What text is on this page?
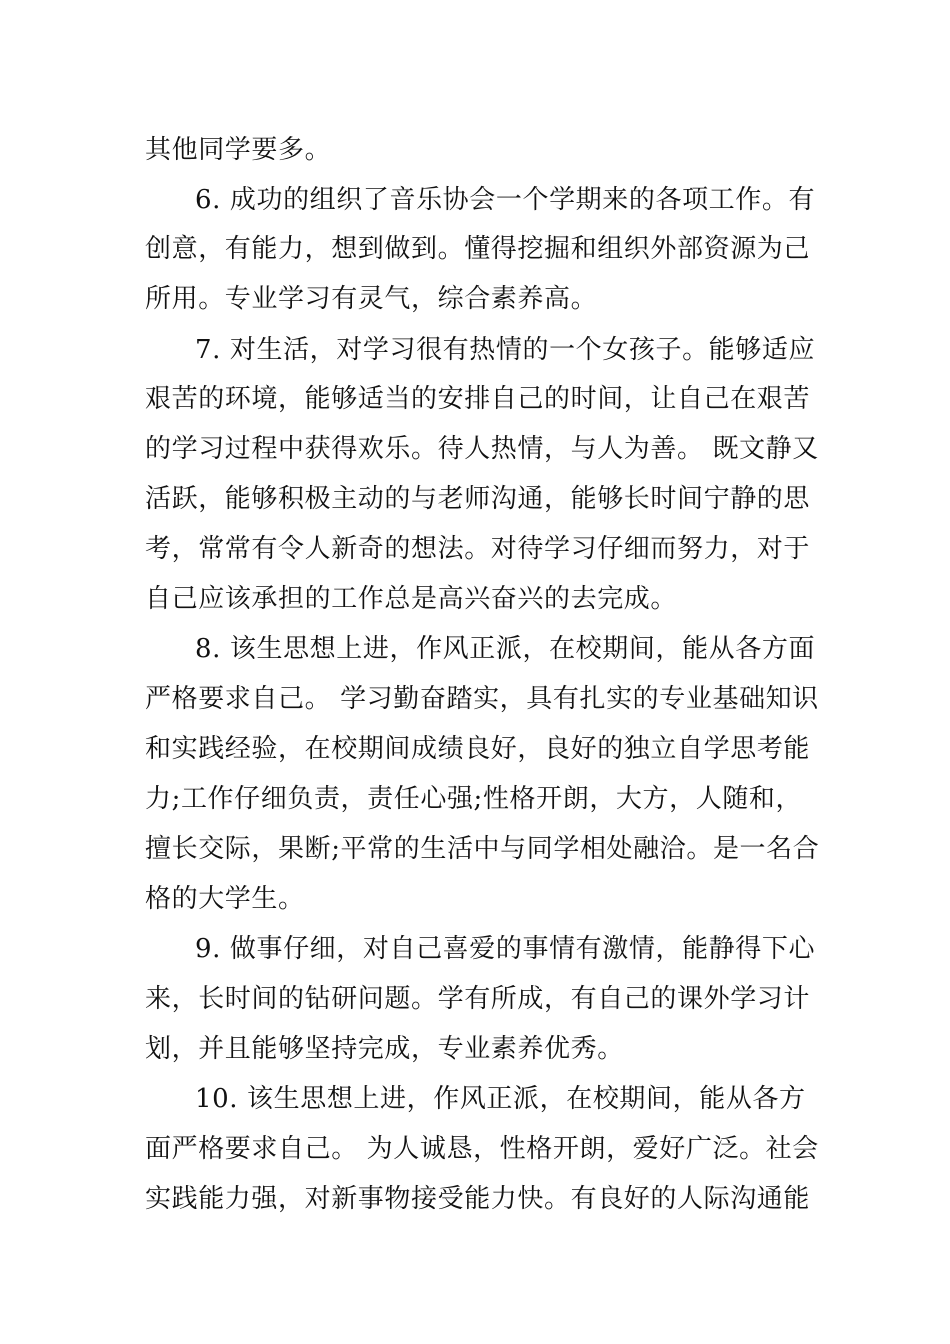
其他同学要多。
6. 成功的组织了音乐协会一个学期来的各项工作。有
创意，有能力，想到做到。懂得挖掘和组织外部资源为己
所用。专业学习有灵气，综合素养高。
7. 对生活，对学习很有热情的一个女孩子。能够适应
艰苦的环境，能够适当的安排自己的时间，让自己在艰苦
的学习过程中获得欢乐。待人热情，与人为善。 既文静又
活跃，能够积极主动的与老师沟通，能够长时间宁静的思
考，常常有令人新奇的想法。对待学习仔细而努力，对于
自己应该承担的工作总是高兴奋兴的去完成。
8. 该生思想上进，作风正派，在校期间，能从各方面
严格要求自己。 学习勤奋踏实，具有扎实的专业基础知识
和实践经验，在校期间成绩良好，良好的独立自学思考能
力;工作仔细负责，责任心强;性格开朗，大方，人随和，
擅长交际，果断;平常的生活中与同学相处融洽。是一名合
格的大学生。
9. 做事仔细，对自己喜爱的事情有激情，能静得下心
来，长时间的钻研问题。学有所成，有自己的课外学习计
划，并且能够坚持完成，专业素养优秀。
10. 该生思想上进，作风正派，在校期间，能从各方
面严格要求自己。 为人诚恳，性格开朗，爱好广泛。社会
实践能力强，对新事物接受能力快。有良好的人际沟通能
